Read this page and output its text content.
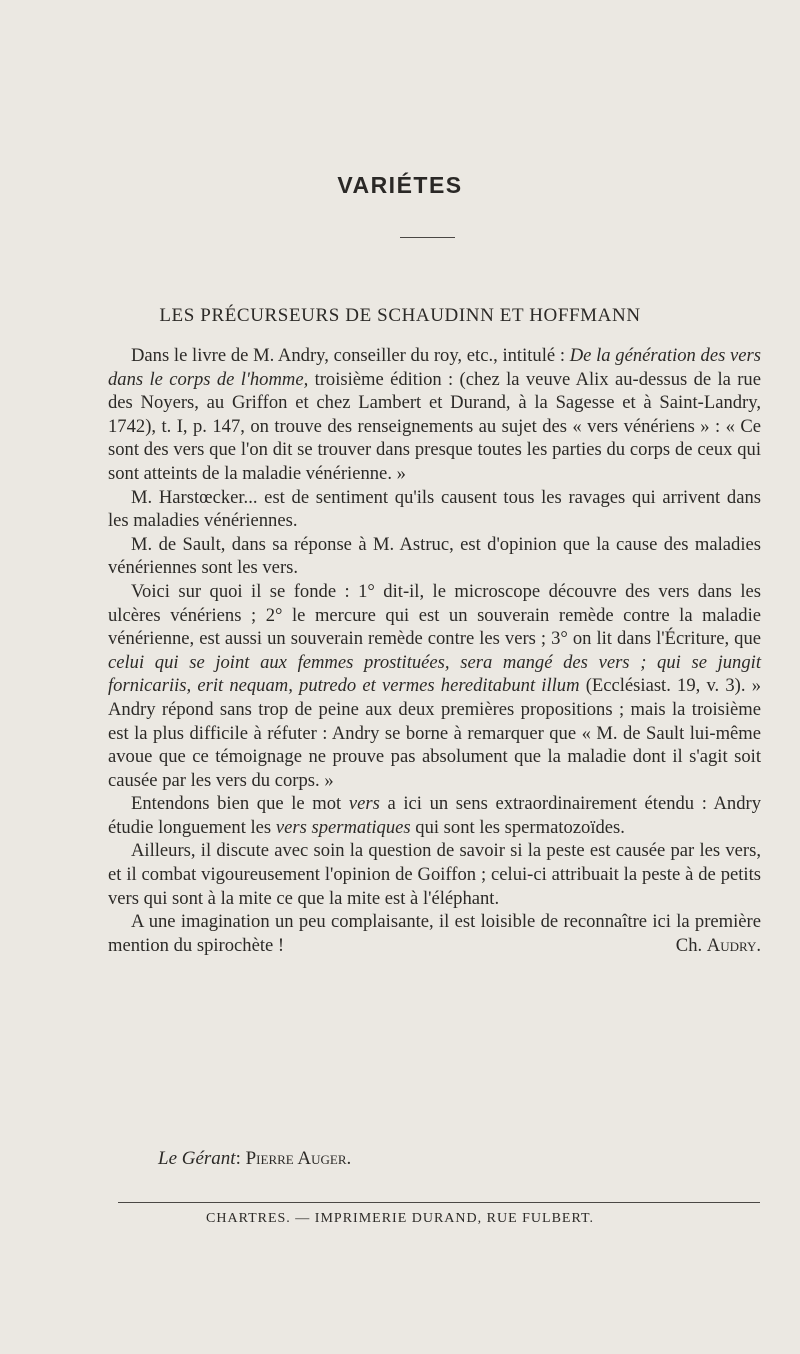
VARIÉTES
LES PRÉCURSEURS DE SCHAUDINN ET HOFFMANN

Dans le livre de M. Andry, conseiller du roy, etc., intitulé : De la génération des vers dans le corps de l'homme, troisième édition : (chez la veuve Alix au-dessus de la rue des Noyers, au Griffon et chez Lambert et Durand, à la Sagesse et à Saint-Landry, 1742), t. I, p. 147, on trouve des renseignements au sujet des « vers vénériens » : « Ce sont des vers que l'on dit se trouver dans presque toutes les parties du corps de ceux qui sont atteints de la maladie vénérienne. »

M. Harstœcker... est de sentiment qu'ils causent tous les ravages qui arrivent dans les maladies vénériennes.

M. de Sault, dans sa réponse à M. Astruc, est d'opinion que la cause des maladies vénériennes sont les vers.

Voici sur quoi il se fonde : 1° dit-il, le microscope découvre des vers dans les ulcères vénériens ; 2° le mercure qui est un souverain remède contre la maladie vénérienne, est aussi un souverain remède contre les vers ; 3° on lit dans l'Écriture, que celui qui se joint aux femmes prostituées, sera mangé des vers ; qui se jungit fornicariis, erit nequam, putredo et vermes hereditabunt illum (Ecclésiast. 19, v. 3). » Andry répond sans trop de peine aux deux premières propositions ; mais la troisième est la plus difficile à réfuter : Andry se borne à remarquer que « M. de Sault lui-même avoue que ce témoignage ne prouve pas absolument que la maladie dont il s'agit soit causée par les vers du corps. »

Entendons bien que le mot vers a ici un sens extraordinairement étendu : Andry étudie longuement les vers spermatiques qui sont les spermatozoïdes.

Ailleurs, il discute avec soin la question de savoir si la peste est causée par les vers, et il combat vigoureusement l'opinion de Goiffon ; celui-ci attribuait la peste à de petits vers qui sont à la mite ce que la mite est à l'éléphant.

A une imagination un peu complaisante, il est loisible de reconnaître ici la première mention du spirochète !	Ch. Audry.

Le Gérant: Pierre Auger.
CHARTRES. — IMPRIMERIE DURAND, RUE FULBERT.
